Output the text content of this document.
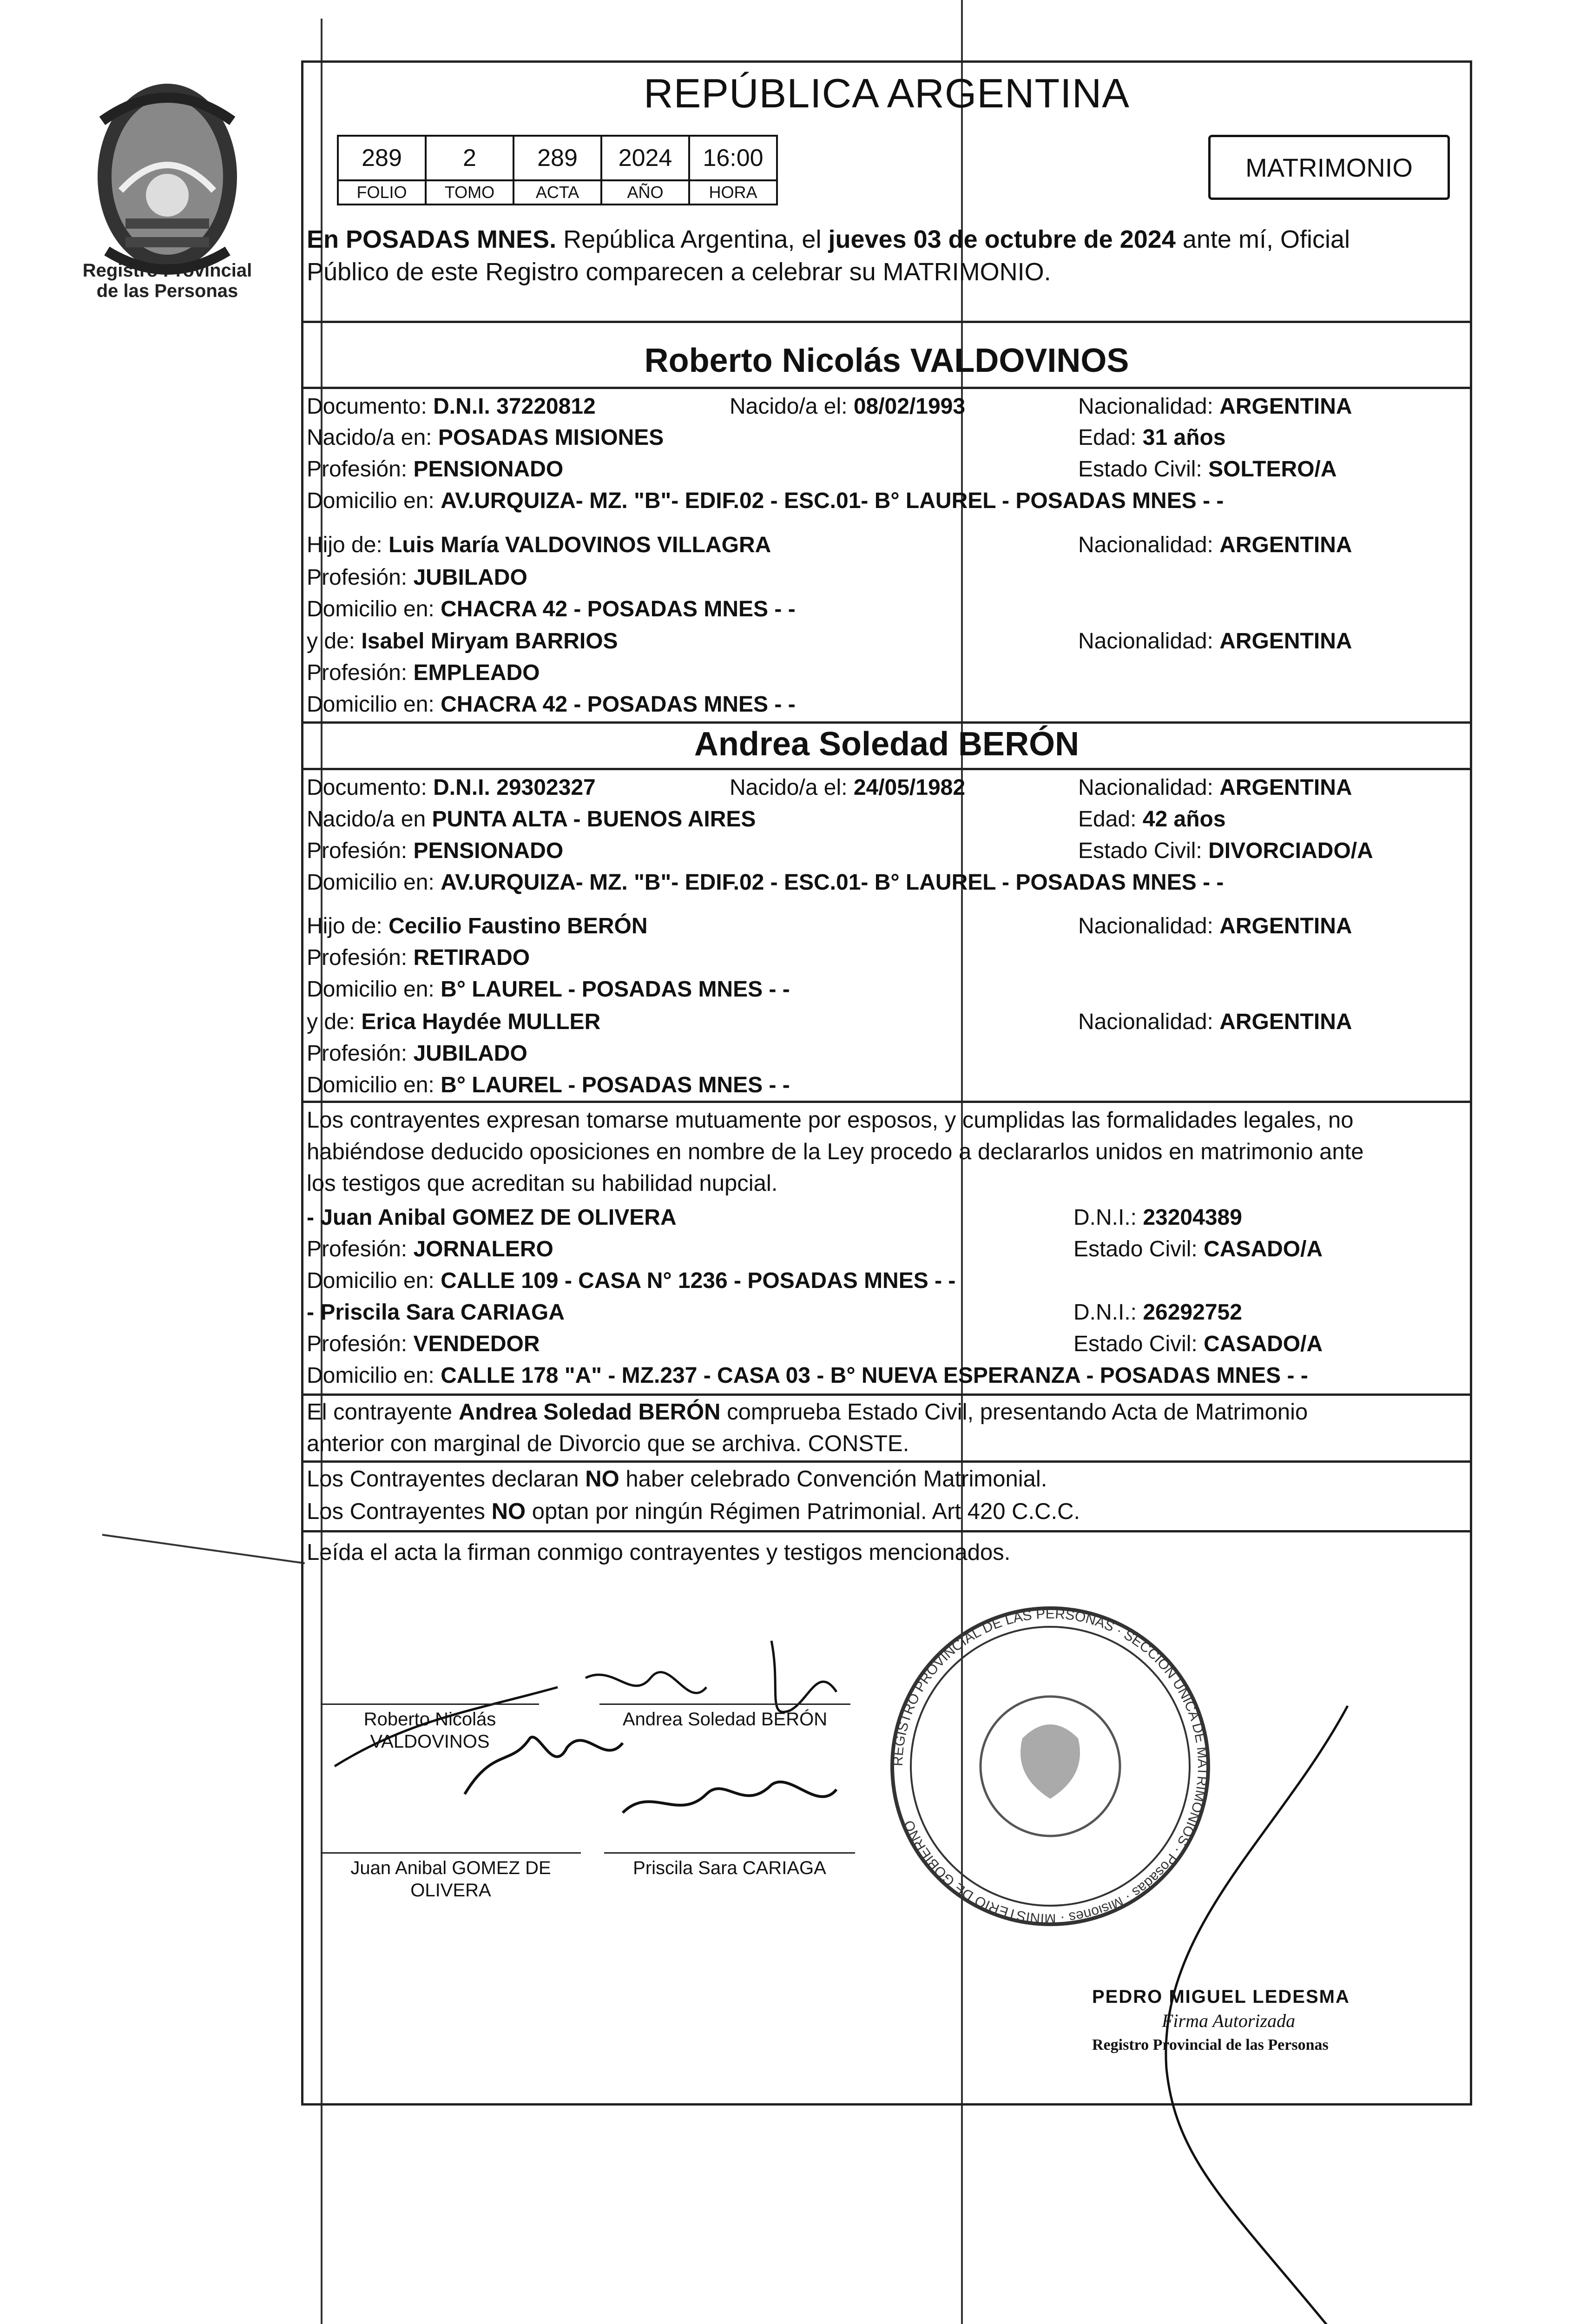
Registro Provincial de las Personas
REPÚBLICA ARGENTINA
289	2	289	2024	16:00
FOLIO	TOMO	ACTA	AÑO	HORA
MATRIMONIO
En POSADAS MNES. República Argentina, el jueves 03 de octubre de 2024 ante mí, Oficial
Público de este Registro comparecen a celebrar su MATRIMONIO.
Roberto Nicolás VALDOVINOS
Documento: D.N.I. 37220812	Nacido/a el: 08/02/1993	Nacionalidad: ARGENTINA
Nacido/a en: POSADAS MISIONES	Edad: 31 años
Profesión: PENSIONADO	Estado Civil: SOLTERO/A
Domicilio en: AV.URQUIZA- MZ. "B"- EDIF.02 - ESC.01- B° LAUREL - POSADAS MNES - -
Hijo de: Luis María VALDOVINOS VILLAGRA	Nacionalidad: ARGENTINA
Profesión: JUBILADO
Domicilio en: CHACRA 42 - POSADAS MNES - -
y de: Isabel Miryam BARRIOS	Nacionalidad: ARGENTINA
Profesión: EMPLEADO
Domicilio en: CHACRA 42 - POSADAS MNES - -
Andrea Soledad BERÓN
Documento: D.N.I. 29302327	Nacido/a el: 24/05/1982	Nacionalidad: ARGENTINA
Nacido/a en PUNTA ALTA - BUENOS AIRES	Edad: 42 años
Profesión: PENSIONADO	Estado Civil: DIVORCIADO/A
Domicilio en: AV.URQUIZA- MZ. "B"- EDIF.02 - ESC.01- B° LAUREL - POSADAS MNES - -
Hijo de: Cecilio Faustino BERÓN	Nacionalidad: ARGENTINA
Profesión: RETIRADO
Domicilio en: B° LAUREL - POSADAS MNES - -
y de: Erica Haydée MULLER	Nacionalidad: ARGENTINA
Profesión: JUBILADO
Domicilio en: B° LAUREL - POSADAS MNES - -
Los contrayentes expresan tomarse mutuamente por esposos, y cumplidas las formalidades legales, no
habiéndose deducido oposiciones en nombre de la Ley procedo a declararlos unidos en matrimonio ante
los testigos que acreditan su habilidad nupcial.
- Juan Anibal GOMEZ DE OLIVERA	D.N.I.: 23204389
Profesión: JORNALERO	Estado Civil: CASADO/A
Domicilio en: CALLE 109 - CASA N° 1236 - POSADAS MNES - -
- Priscila Sara CARIAGA	D.N.I.: 26292752
Profesión: VENDEDOR	Estado Civil: CASADO/A
Domicilio en: CALLE 178 "A" - MZ.237 - CASA 03 - B° NUEVA ESPERANZA - POSADAS MNES - -
El contrayente Andrea Soledad BERÓN comprueba Estado Civil, presentando Acta de Matrimonio
anterior con marginal de Divorcio que se archiva. CONSTE.
Los Contrayentes declaran NO haber celebrado Convención Matrimonial.
Los Contrayentes NO optan por ningún Régimen Patrimonial. Art 420 C.C.C.
Leída el acta la firman conmigo contrayentes y testigos mencionados.
Roberto Nicolás
VALDOVINOS
Andrea Soledad BERÓN
Juan Anibal GOMEZ DE
OLIVERA
Priscila Sara CARIAGA
REGISTRO PROVINCIAL DE LAS PERSONAS · SECCIÓN ÚNICA DE MATRIMONIOS · Posadas · Misiones · MINISTERIO DE GOBIERNO
PEDRO MIGUEL LEDESMA
Firma Autorizada
Registro Provincial de las Personas
